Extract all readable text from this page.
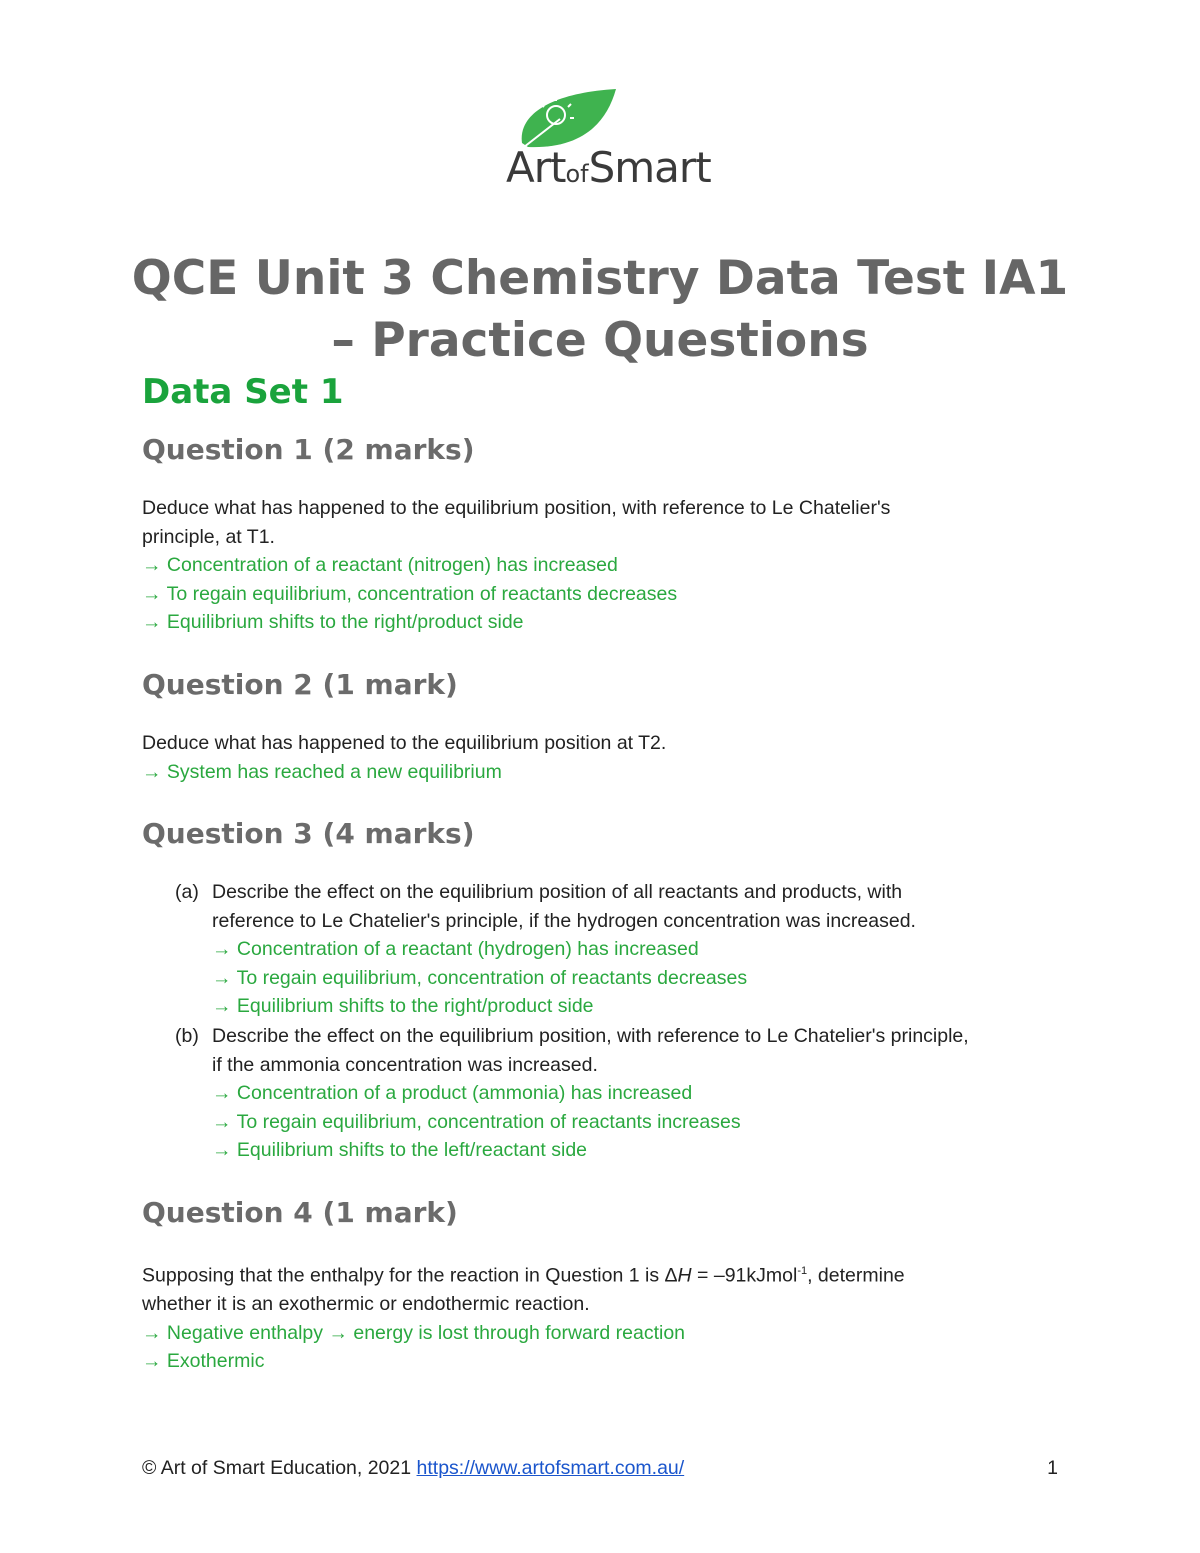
ArtofSmart
QCE Unit 3 Chemistry Data Test IA1
– Practice Questions
Data Set 1
Question 1 (2 marks)
Deduce what has happened to the equilibrium position, with reference to Le Chatelier's
principle, at T1.
→ Concentration of a reactant (nitrogen) has increased
→ To regain equilibrium, concentration of reactants decreases
→ Equilibrium shifts to the right/product side
Question 2 (1 mark)
Deduce what has happened to the equilibrium position at T2.
→ System has reached a new equilibrium
Question 3 (4 marks)
(a) Describe the effect on the equilibrium position of all reactants and products, with
reference to Le Chatelier's principle, if the hydrogen concentration was increased.
→ Concentration of a reactant (hydrogen) has increased
→ To regain equilibrium, concentration of reactants decreases
→ Equilibrium shifts to the right/product side
(b) Describe the effect on the equilibrium position, with reference to Le Chatelier's principle,
if the ammonia concentration was increased.
→ Concentration of a product (ammonia) has increased
→ To regain equilibrium, concentration of reactants increases
→ Equilibrium shifts to the left/reactant side
Question 4 (1 mark)
Supposing that the enthalpy for the reaction in Question 1 is ΔH = –91kJmol$^{-1}$, determine
whether it is an exothermic or endothermic reaction.
→ Negative enthalpy → energy is lost through forward reaction
→ Exothermic
© Art of Smart Education, 2021 https://www.artofsmart.com.au/	1
